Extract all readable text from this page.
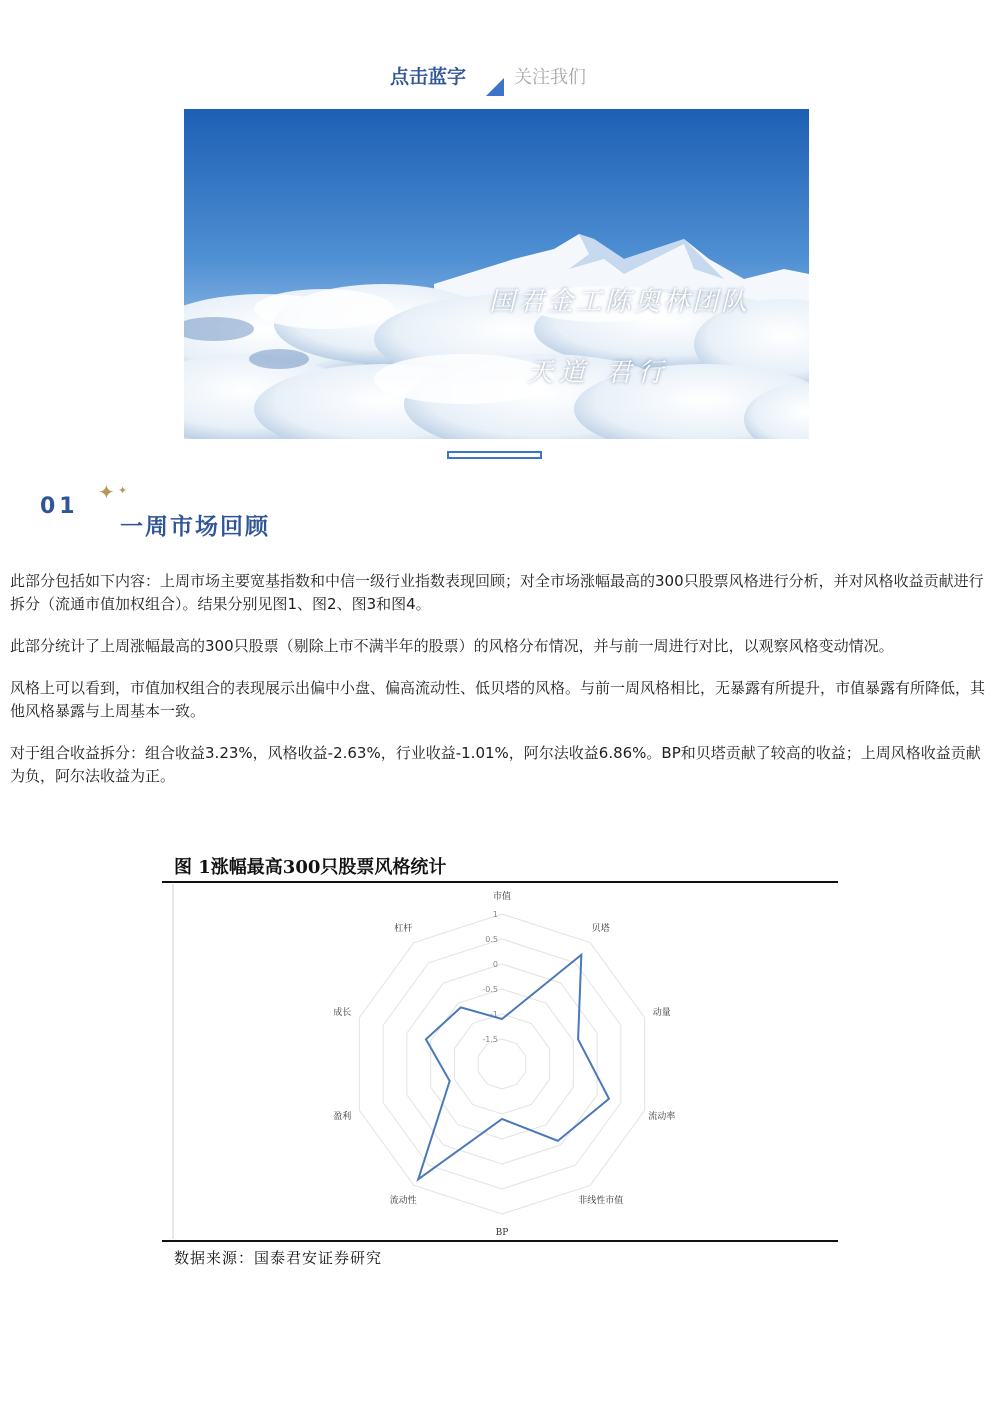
点击蓝字	关注我们
国君金工陈奥林团队
天道 君行
01
✦ ✦
一周市场回顾

此部分包括如下内容：上周市场主要宽基指数和中信一级行业指数表现回顾；对全市场涨幅最高的300只股票风格进行分析，并对风格收益贡献进行拆分（流通市值加权组合）。结果分别见图1、图2、图3和图4。

此部分统计了上周涨幅最高的300只股票（剔除上市不满半年的股票）的风格分布情况，并与前一周进行对比，以观察风格变动情况。

风格上可以看到，市值加权组合的表现展示出偏中小盘、偏高流动性、低贝塔的风格。与前一周风格相比，无暴露有所提升，市值暴露有所降低，其他风格暴露与上周基本一致。

对于组合收益拆分：组合收益3.23%，风格收益-2.63%，行业收益-1.01%，阿尔法收益6.86%。BP和贝塔贡献了较高的收益；上周风格收益贡献为负，阿尔法收益为正。

图 1涨幅最高300只股票风格统计
1
0.5
0
-0.5
-1
-1.5
市值
贝塔
动量
流动率
非线性市值
BP
流动性
盈利
成长
杠杆
数据来源：国泰君安证券研究
